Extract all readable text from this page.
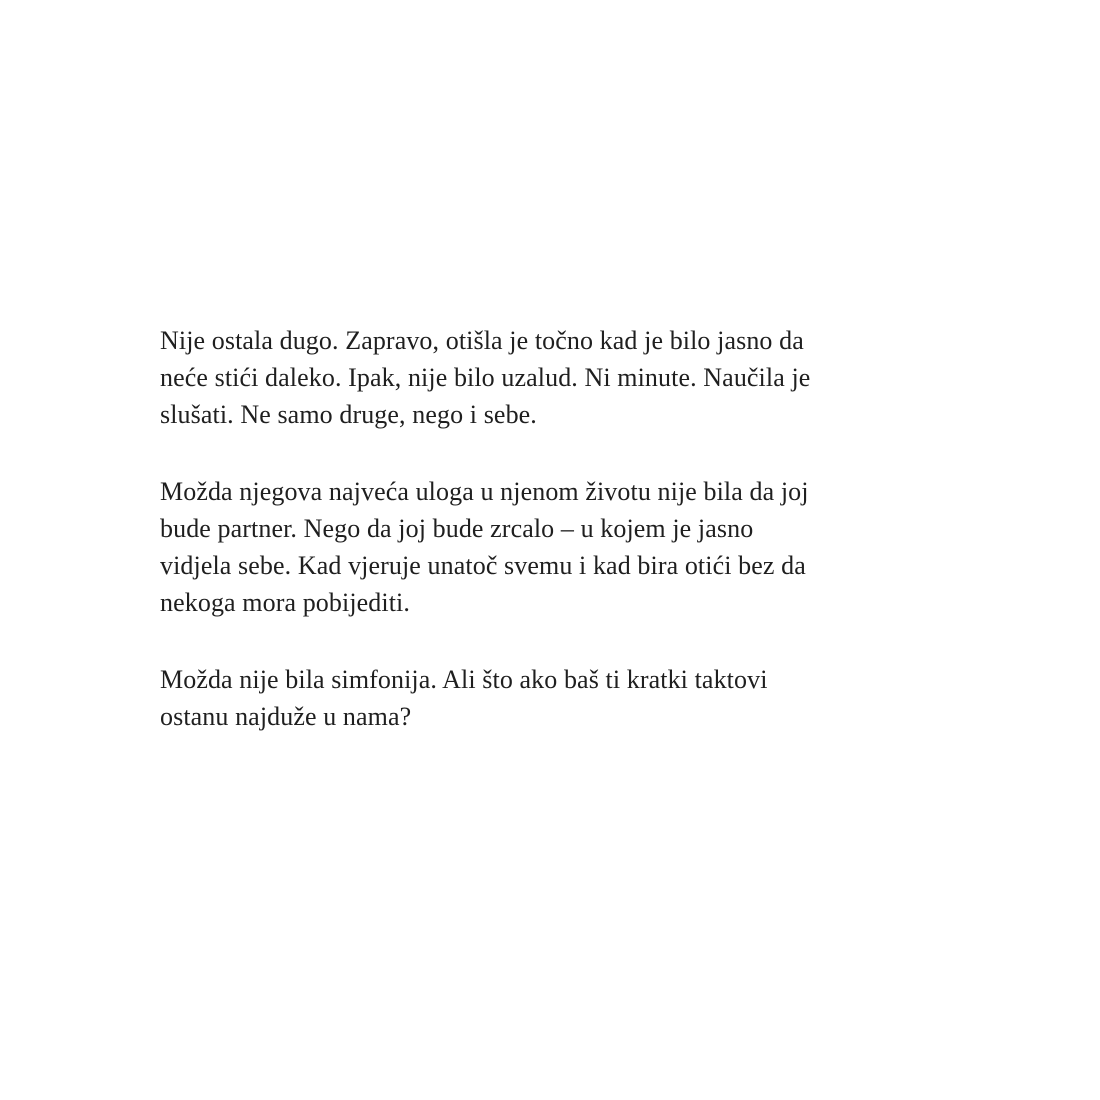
Nije ostala dugo. Zapravo, otišla je točno kad je bilo jasno da
neće stići daleko. Ipak, nije bilo uzalud. Ni minute. Naučila je
slušati. Ne samo druge, nego i sebe.

Možda njegova najveća uloga u njenom životu nije bila da joj
bude partner. Nego da joj bude zrcalo – u kojem je jasno
vidjela sebe. Kad vjeruje unatoč svemu i kad bira otići bez da
nekoga mora pobijediti.

Možda nije bila simfonija. Ali što ako baš ti kratki taktovi
ostanu najduže u nama?
